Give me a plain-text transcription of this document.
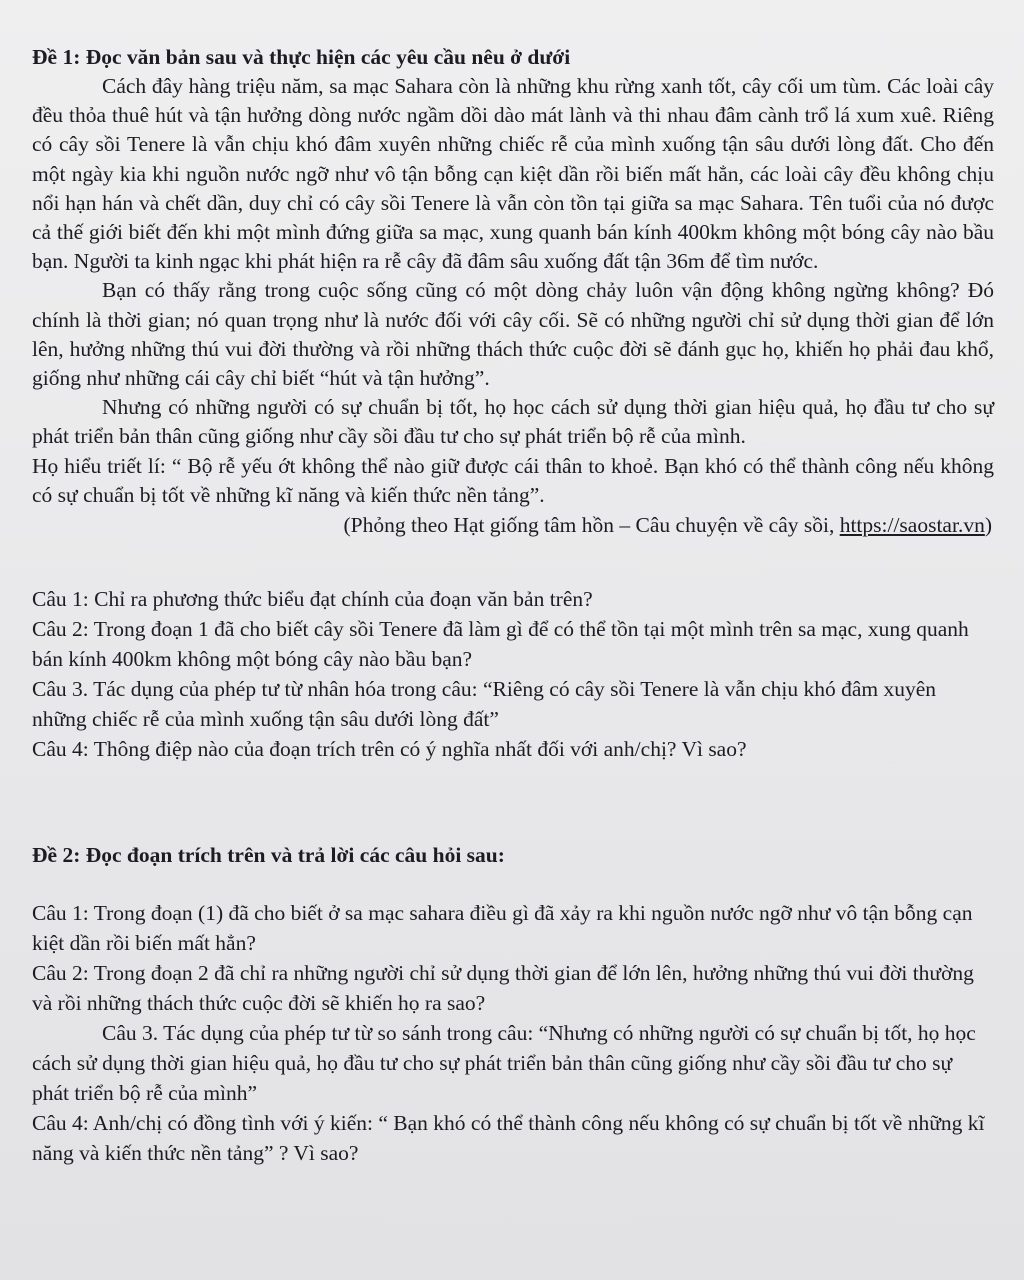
Đề 1: Đọc văn bản sau và thực hiện các yêu cầu nêu ở dưới

Cách đây hàng triệu năm, sa mạc Sahara còn là những khu rừng xanh tốt, cây cối um tùm. Các loài cây đều thỏa thuê hút và tận hưởng dòng nước ngầm dồi dào mát lành và thi nhau đâm cành trổ lá xum xuê. Riêng có cây sồi Tenere là vẫn chịu khó đâm xuyên những chiếc rễ của mình xuống tận sâu dưới lòng đất. Cho đến một ngày kia khi nguồn nước ngỡ như vô tận bỗng cạn kiệt dần rồi biến mất hẳn, các loài cây đều không chịu nổi hạn hán và chết dần, duy chỉ có cây sồi Tenere là vẫn còn tồn tại giữa sa mạc Sahara. Tên tuổi của nó được cả thế giới biết đến khi một mình đứng giữa sa mạc, xung quanh bán kính 400km không một bóng cây nào bầu bạn. Người ta kinh ngạc khi phát hiện ra rễ cây đã đâm sâu xuống đất tận 36m để tìm nước.

Bạn có thấy rằng trong cuộc sống cũng có một dòng chảy luôn vận động không ngừng không? Đó chính là thời gian; nó quan trọng như là nước đối với cây cối. Sẽ có những người chỉ sử dụng thời gian để lớn lên, hưởng những thú vui đời thường và rồi những thách thức cuộc đời sẽ đánh gục họ, khiến họ phải đau khổ, giống như những cái cây chỉ biết “hút và tận hưởng”.

Nhưng có những người có sự chuẩn bị tốt, họ học cách sử dụng thời gian hiệu quả, họ đầu tư cho sự phát triển bản thân cũng giống như cầy sồi đầu tư cho sự phát triển bộ rễ của mình.

Họ hiểu triết lí: “ Bộ rễ yếu ớt không thể nào giữ được cái thân to khoẻ. Bạn khó có thể thành công nếu không có sự chuẩn bị tốt về những kĩ năng và kiến thức nền tảng”.

(Phỏng theo Hạt giống tâm hồn – Câu chuyện về cây sồi, https://saostar.vn)

Câu 1: Chỉ ra phương thức biểu đạt chính của đoạn văn bản trên?

Câu 2: Trong đoạn 1 đã cho biết cây sồi Tenere đã làm gì để có thể tồn tại một mình trên sa mạc, xung quanh bán kính 400km không một bóng cây nào bầu bạn?

Câu 3. Tác dụng của phép tư từ nhân hóa trong câu: “Riêng có cây sồi Tenere là vẫn chịu khó đâm xuyên những chiếc rễ của mình xuống tận sâu dưới lòng đất”

Câu 4: Thông điệp nào của đoạn trích trên có ý nghĩa nhất đối với anh/chị? Vì sao?

Đề 2: Đọc đoạn trích trên và trả lời các câu hỏi sau:

Câu 1: Trong đoạn (1) đã cho biết ở sa mạc sahara điều gì đã xảy ra khi nguồn nước ngỡ như vô tận bỗng cạn kiệt dần rồi biến mất hẳn?

Câu 2: Trong đoạn 2 đã chỉ ra những người chỉ sử dụng thời gian để lớn lên, hưởng những thú vui đời thường và rồi những thách thức cuộc đời sẽ khiến họ ra sao?

Câu 3. Tác dụng của phép tư từ so sánh trong câu: “Nhưng có những người có sự chuẩn bị tốt, họ học cách sử dụng thời gian hiệu quả, họ đầu tư cho sự phát triển bản thân cũng giống như cầy sồi đầu tư cho sự phát triển bộ rễ của mình”

Câu 4: Anh/chị có đồng tình với ý kiến: “ Bạn khó có thể thành công nếu không có sự chuẩn bị tốt về những kĩ năng và kiến thức nền tảng” ? Vì sao?
